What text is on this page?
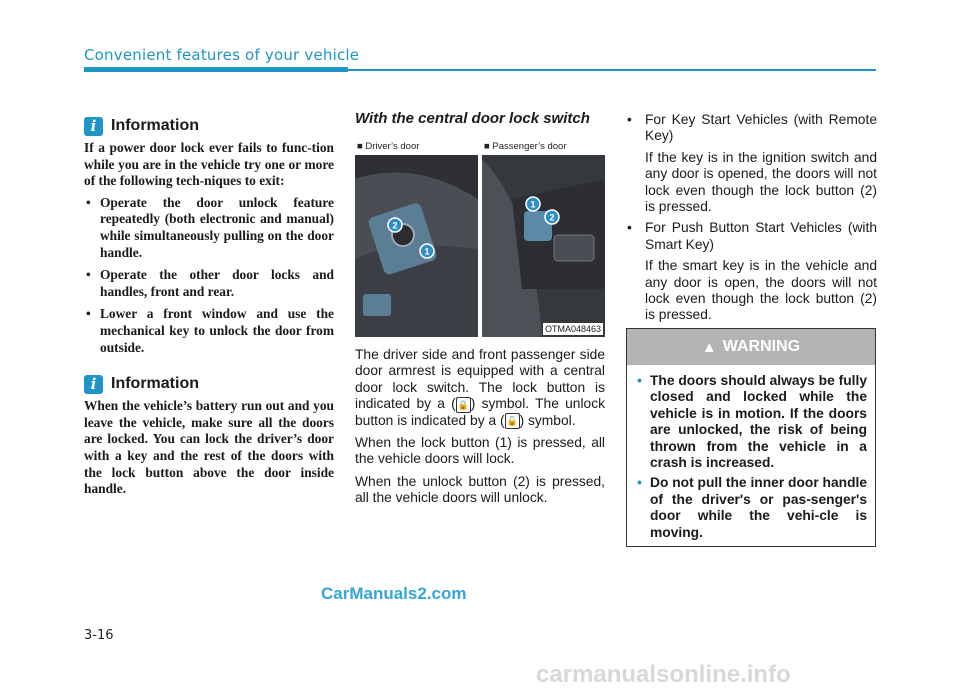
Convenient features of your vehicle
i Information

If a power door lock ever fails to func-tion while you are in the vehicle try one or more of the following tech-niques to exit:

• Operate the door unlock feature repeatedly (both electronic and manual) while simultaneously pulling on the door handle.
• Operate the other door locks and handles, front and rear.
• Lower a front window and use the mechanical key to unlock the door from outside.
i Information

When the vehicle’s battery run out and you leave the vehicle, make sure all the doors are locked. You can lock the driver’s door with a key and the rest of the doors with the lock button above the door inside handle.

With the central door lock switch
2
1
■ Driver’s door
1
2
■ Passenger’s door
OTMA048463

The driver side and front passenger side door armrest is equipped with a central door lock switch. The lock button is indicated by a ( 🔒 ) symbol. The unlock button is indicated by a ( 🔓 ) symbol.

When the lock button (1) is pressed, all the vehicle doors will lock.

When the unlock button (2) is pressed, all the vehicle doors will unlock.

• For Key Start Vehicles (with Remote Key)
If the key is in the ignition switch and any door is opened, the doors will not lock even though the lock button (2) is pressed.
• For Push Button Start Vehicles (with Smart Key)
If the smart key is in the vehicle and any door is open, the doors will not lock even though the lock button (2) is pressed.
▲ WARNING
• The doors should always be fully closed and locked while the vehicle is in motion. If the doors are unlocked, the risk of being thrown from the vehicle in a crash is increased.
• Do not pull the inner door handle of the driver's or pas-senger's door while the vehi-cle is moving.
CarManuals2.com
3-16
carmanualsonline.info
